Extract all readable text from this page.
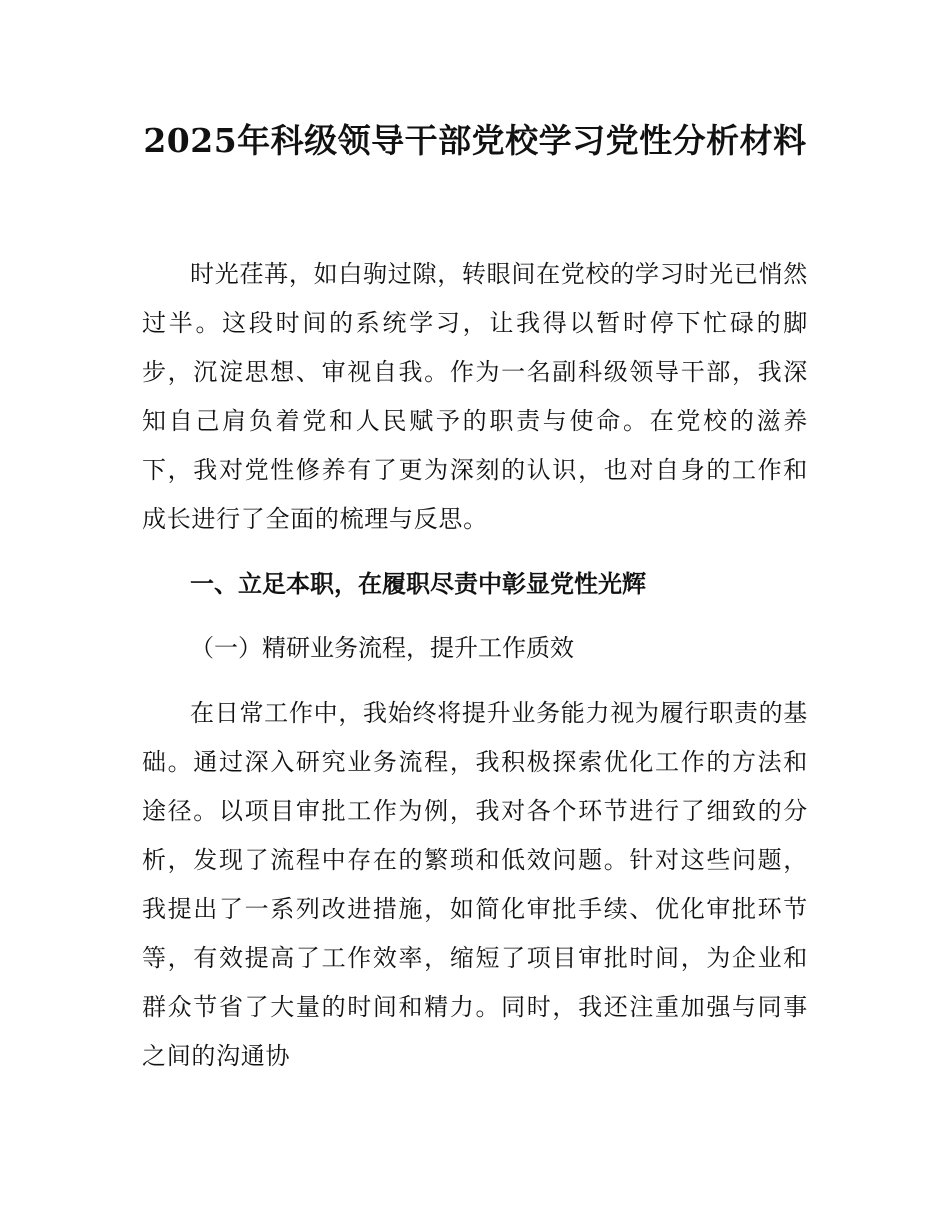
2025年科级领导干部党校学习党性分析材料

时光荏苒，如白驹过隙，转眼间在党校的学习时光已悄然过半。这段时间的系统学习，让我得以暂时停下忙碌的脚步，沉淀思想、审视自我。作为一名副科级领导干部，我深知自己肩负着党和人民赋予的职责与使命。在党校的滋养下，我对党性修养有了更为深刻的认识，也对自身的工作和成长进行了全面的梳理与反思。

一、立足本职，在履职尽责中彰显党性光辉
（一）精研业务流程，提升工作质效

在日常工作中，我始终将提升业务能力视为履行职责的基础。通过深入研究业务流程，我积极探索优化工作的方法和途径。以项目审批工作为例，我对各个环节进行了细致的分析，发现了流程中存在的繁琐和低效问题。针对这些问题，我提出了一系列改进措施，如简化审批手续、优化审批环节等，有效提高了工作效率，缩短了项目审批时间，为企业和群众节省了大量的时间和精力。同时，我还注重加强与同事之间的沟通协
